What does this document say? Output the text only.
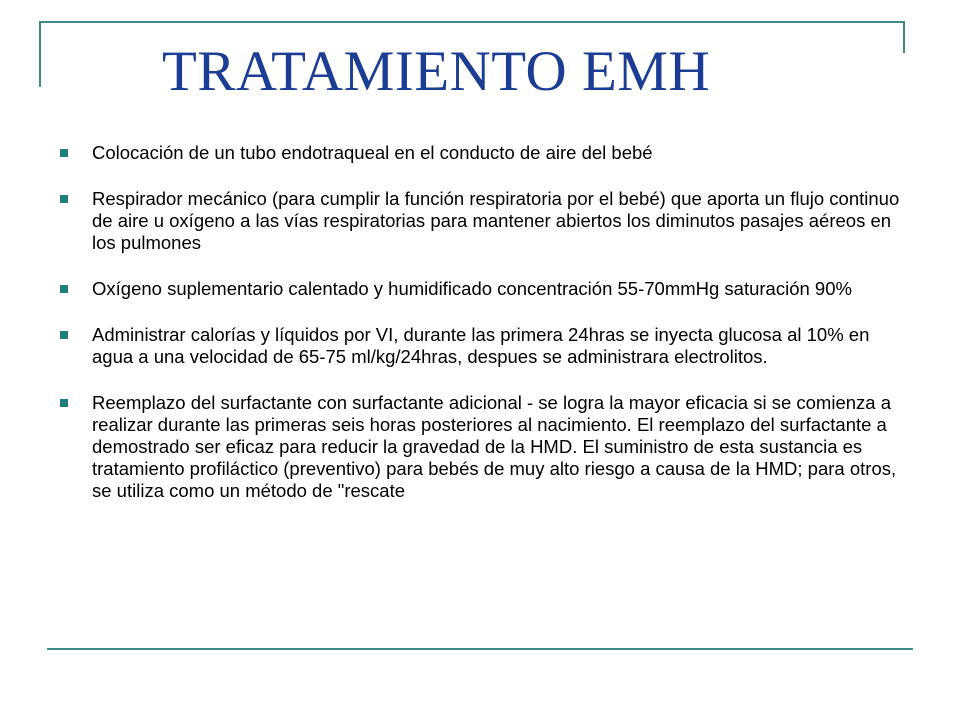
TRATAMIENTO EMH
Colocación de un tubo endotraqueal en el conducto de aire del bebé
Respirador mecánico (para cumplir la función respiratoria por el bebé) que aporta un flujo continuo de aire u oxígeno a las vías respiratorias para mantener abiertos los diminutos pasajes aéreos en los pulmones
Oxígeno suplementario calentado y humidificado concentración 55-70mmHg saturación 90%
Administrar calorías y líquidos por VI, durante las primera 24hras se inyecta glucosa al 10% en agua a una velocidad de 65-75 ml/kg/24hras, despues se administrara electrolitos.
Reemplazo del surfactante con surfactante adicional - se logra la mayor eficacia si se comienza a realizar durante las primeras seis horas posteriores al nacimiento. El reemplazo del surfactante a demostrado ser eficaz para reducir la gravedad de la HMD. El suministro de esta sustancia es tratamiento profiláctico (preventivo) para bebés de muy alto riesgo a causa de la HMD; para otros, se utiliza como un método de "rescate
